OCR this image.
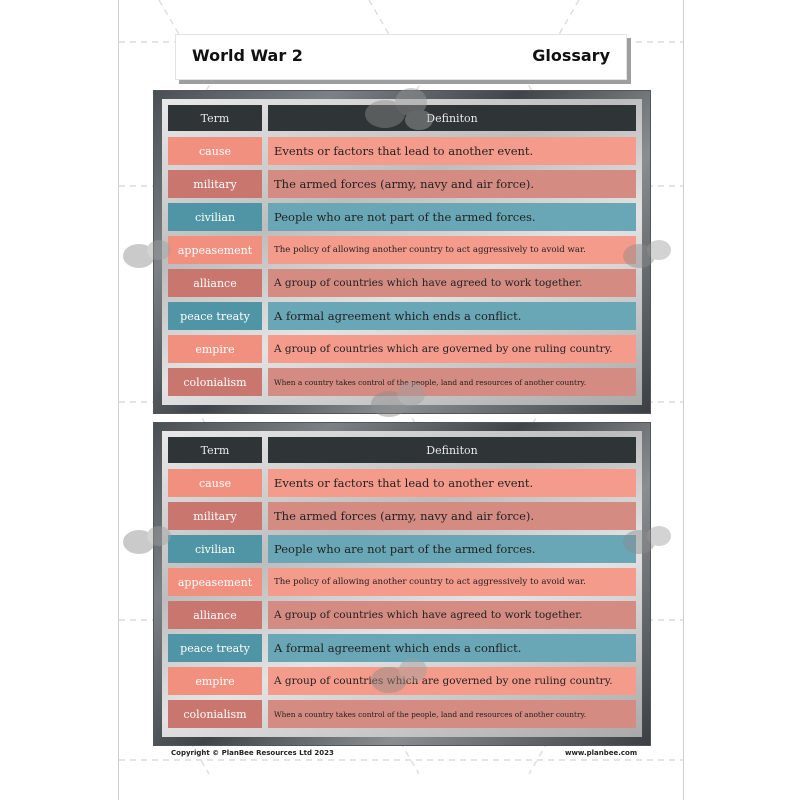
World War 2	Glossary
Term	Definiton
cause	Events or factors that lead to another event.
military	The armed forces (army, navy and air force).
civilian	People who are not part of the armed forces.
appeasement	The policy of allowing another country to act aggressively to avoid war.
alliance	A group of countries which have agreed to work together.
peace treaty	A formal agreement which ends a conflict.
empire	A group of countries which are governed by one ruling country.
colonialism	When a country takes control of the people, land and resources of another country.
Term	Definiton
cause	Events or factors that lead to another event.
military	The armed forces (army, navy and air force).
civilian	People who are not part of the armed forces.
appeasement	The policy of allowing another country to act aggressively to avoid war.
alliance	A group of countries which have agreed to work together.
peace treaty	A formal agreement which ends a conflict.
empire	A group of countries which are governed by one ruling country.
colonialism	When a country takes control of the people, land and resources of another country.
Copyright © PlanBee Resources Ltd 2023	www.planbee.com
